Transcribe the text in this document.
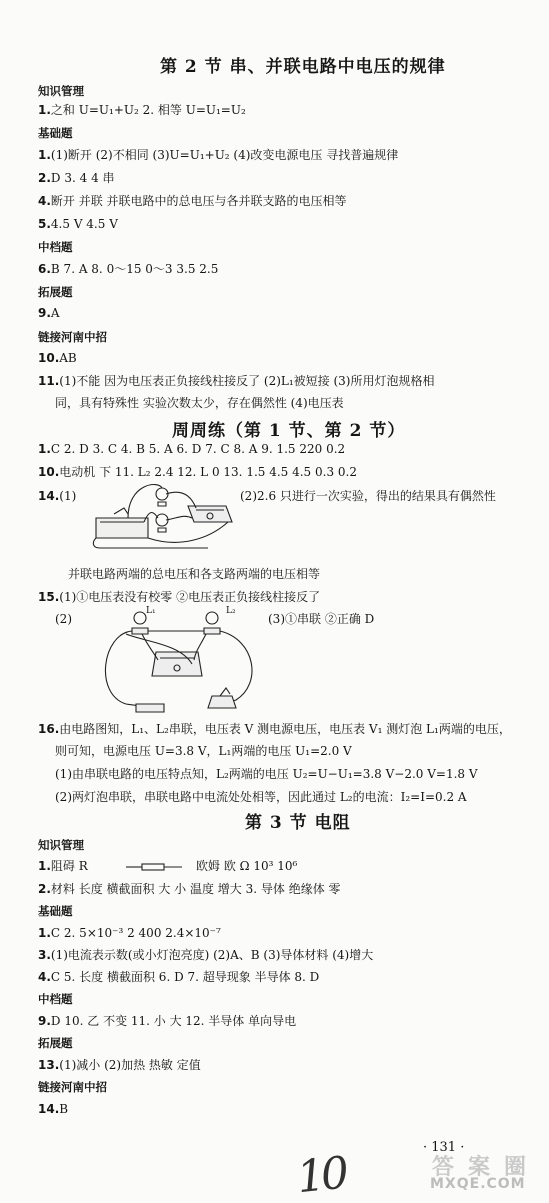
第 2 节 串、并联电路中电压的规律
知识管理
1.之和 U=U₁+U₂ 2. 相等 U=U₁=U₂
基础题
1.(1)断开 (2)不相同 (3)U=U₁+U₂ (4)改变电源电压 寻找普遍规律
2.D 3. 4 4 串
4.断开 并联 并联电路中的总电压与各并联支路的电压相等
5.4.5 V 4.5 V
中档题
6.B 7. A 8. 0～15 0～3 3.5 2.5
拓展题
9.A
链接河南中招
10.AB
11.(1)不能 因为电压表正负接线柱接反了 (2)L₁被短接 (3)所用灯泡规格相
同，具有特殊性 实验次数太少，存在偶然性 (4)电压表
周周练（第 1 节、第 2 节）
1.C 2. D 3. C 4. B 5. A 6. D 7. C 8. A 9. 1.5 220 0.2
10.电动机 下 11. L₂ 2.4 12. L 0 13. 1.5 4.5 4.5 0.3 0.2
14.(1)	(2)2.6 只进行一次实验，得出的结果具有偶然性
并联电路两端的总电压和各支路两端的电压相等
15.(1)①电压表没有校零 ②电压表正负接线柱接反了
(2)	(3)①串联 ②正确 D
L₁	L₂
16.由电路图知，L₁、L₂串联，电压表 V 测电源电压，电压表 V₁ 测灯泡 L₁两端的电压，
则可知，电源电压 U=3.8 V，L₁两端的电压 U₁=2.0 V
(1)由串联电路的电压特点知，L₂两端的电压 U₂=U−U₁=3.8 V−2.0 V=1.8 V
(2)两灯泡串联，串联电路中电流处处相等，因此通过 L₂的电流：I₂=I=0.2 A
第 3 节 电阻
知识管理
1.阻碍 R	欧姆 欧 Ω 10³ 10⁶
2.材料 长度 横截面积 大 小 温度 增大 3. 导体 绝缘体 零
基础题
1.C 2. 5×10⁻³ 2 400 2.4×10⁻⁷
3.(1)电流表示数(或小灯泡亮度) (2)A、B (3)导体材料 (4)增大
4.C 5. 长度 横截面积 6. D 7. 超导现象 半导体 8. D
中档题
9.D 10. 乙 不变 11. 小 大 12. 半导体 单向导电
拓展题
13.(1)减小 (2)加热 热敏 定值
链接河南中招
14.B
· 131 ·
10	答 案 圈
MXQE.COM
